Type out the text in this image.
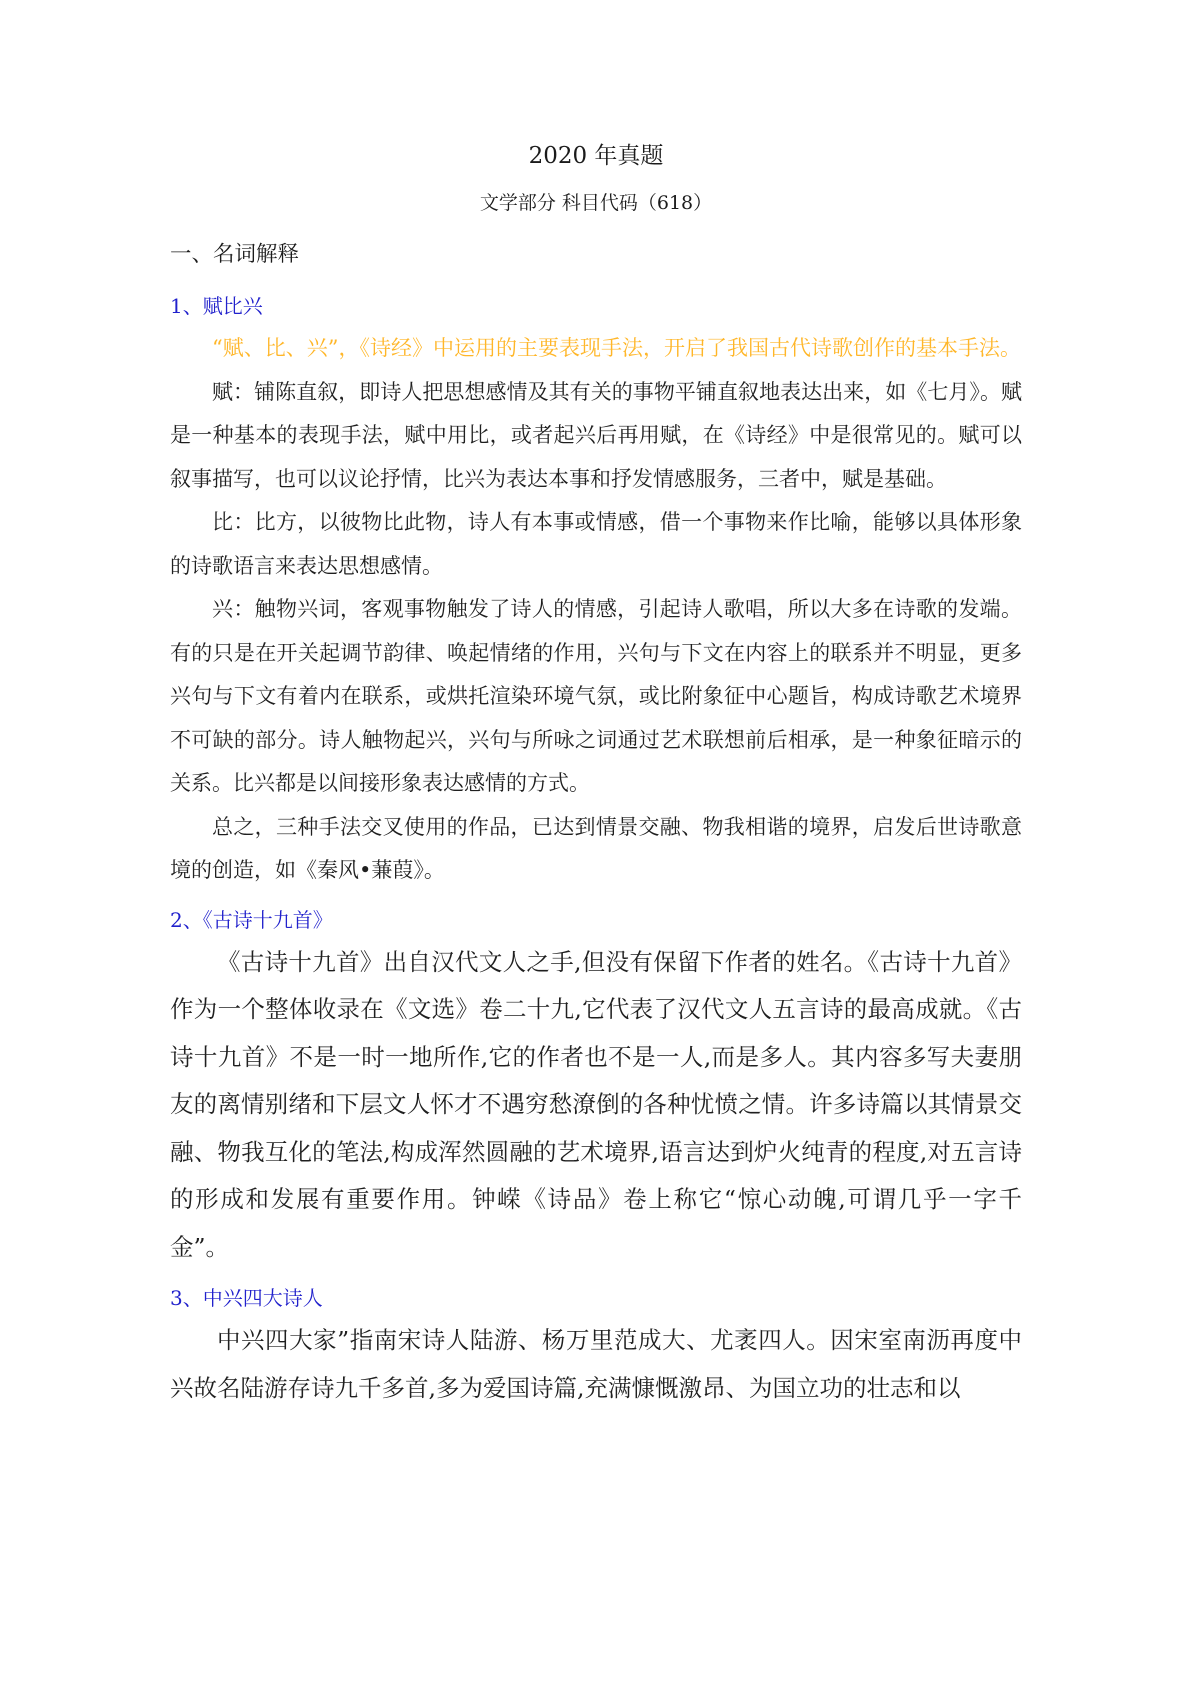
2020 年真题
文学部分 科目代码（618）
一、名词解释
1、赋比兴

“赋、比、兴”，《诗经》中运用的主要表现手法，开启了我国古代诗歌创作的基本手法。

赋：铺陈直叙，即诗人把思想感情及其有关的事物平铺直叙地表达出来，如《七月》。赋是一种基本的表现手法，赋中用比，或者起兴后再用赋，在《诗经》中是很常见的。赋可以叙事描写，也可以议论抒情，比兴为表达本事和抒发情感服务，三者中，赋是基础。

比：比方，以彼物比此物，诗人有本事或情感，借一个事物来作比喻，能够以具体形象的诗歌语言来表达思想感情。

兴：触物兴词，客观事物触发了诗人的情感，引起诗人歌唱，所以大多在诗歌的发端。有的只是在开关起调节韵律、唤起情绪的作用，兴句与下文在内容上的联系并不明显，更多兴句与下文有着内在联系，或烘托渲染环境气氛，或比附象征中心题旨，构成诗歌艺术境界不可缺的部分。诗人触物起兴，兴句与所咏之词通过艺术联想前后相承，是一种象征暗示的关系。比兴都是以间接形象表达感情的方式。

总之，三种手法交叉使用的作品，已达到情景交融、物我相谐的境界，启发后世诗歌意境的创造，如《秦风•蒹葭》。

2、《古诗十九首》

《古诗十九首》出自汉代文人之手,但没有保留下作者的姓名。《古诗十九首》作为一个整体收录在《文选》卷二十九,它代表了汉代文人五言诗的最高成就。《古诗十九首》不是一时一地所作,它的作者也不是一人,而是多人。其内容多写夫妻朋友的离情别绪和下层文人怀才不遇穷愁潦倒的各种忧愤之情。许多诗篇以其情景交融、物我互化的笔法,构成浑然圆融的艺术境界,语言达到炉火纯青的程度,对五言诗的形成和发展有重要作用。钟嵘《诗品》卷上称它“惊心动魄,可谓几乎一字千金”。

3、中兴四大诗人

中兴四大家”指南宋诗人陆游、杨万里范成大、尤袤四人。因宋室南沥再度中兴故名陆游存诗九千多首,多为爱国诗篇,充满慷慨激昂、为国立功的壮志和以
